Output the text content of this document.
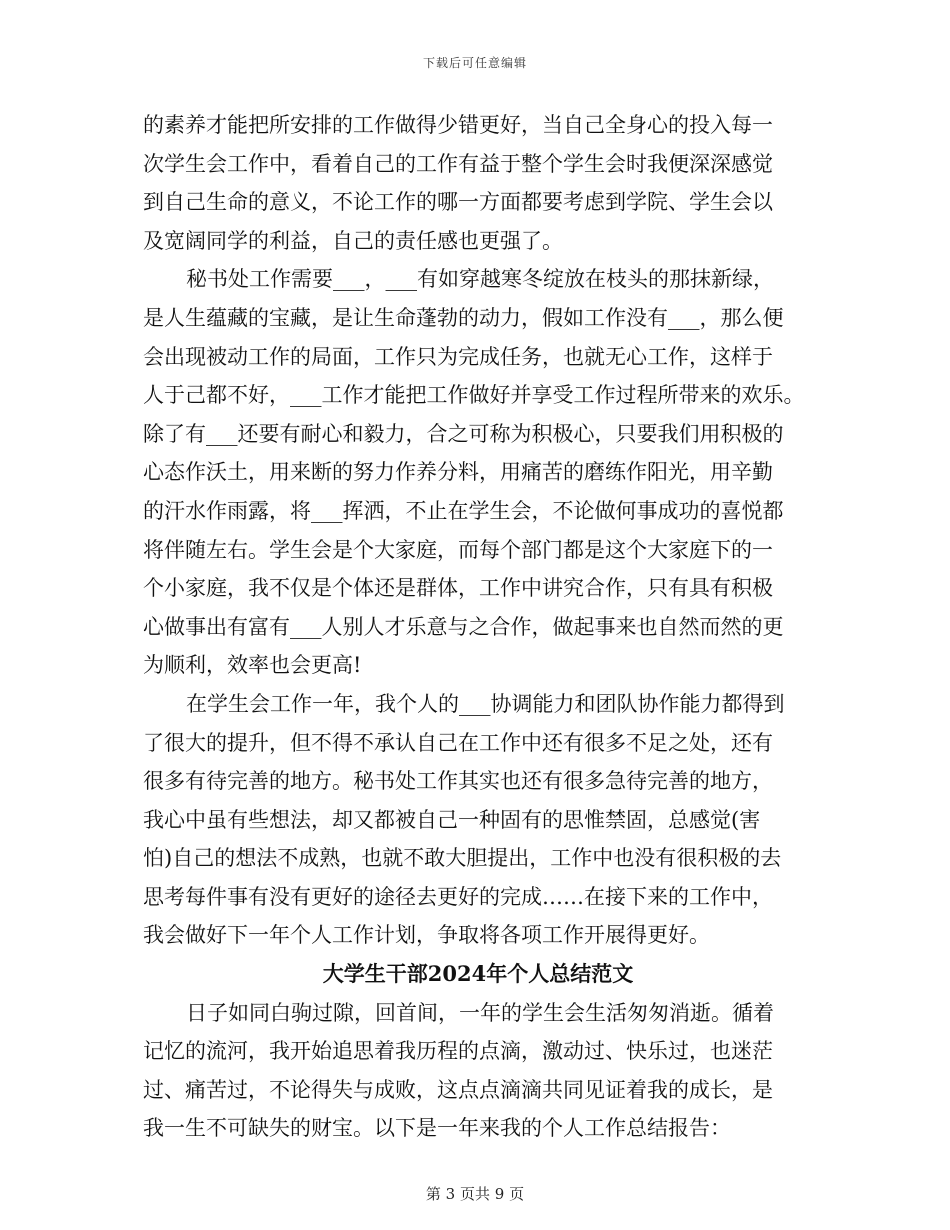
下载后可任意编辑
的素养才能把所安排的工作做得少错更好，当自己全身心的投入每一
次学生会工作中，看着自己的工作有益于整个学生会时我便深深感觉
到自己生命的意义，不论工作的哪一方面都要考虑到学院、学生会以
及宽阔同学的利益，自己的责任感也更强了。
秘书处工作需要___，___有如穿越寒冬绽放在枝头的那抹新绿，
是人生蕴藏的宝藏，是让生命蓬勃的动力，假如工作没有___，那么便
会出现被动工作的局面，工作只为完成任务，也就无心工作，这样于
人于己都不好，___工作才能把工作做好并享受工作过程所带来的欢乐。
除了有___还要有耐心和毅力，合之可称为积极心，只要我们用积极的
心态作沃土，用来断的努力作养分料，用痛苦的磨练作阳光，用辛勤
的汗水作雨露，将___挥洒，不止在学生会，不论做何事成功的喜悦都
将伴随左右。学生会是个大家庭，而每个部门都是这个大家庭下的一
个小家庭，我不仅是个体还是群体，工作中讲究合作，只有具有积极
心做事出有富有___人别人才乐意与之合作，做起事来也自然而然的更
为顺利，效率也会更高!
在学生会工作一年，我个人的___协调能力和团队协作能力都得到
了很大的提升，但不得不承认自己在工作中还有很多不足之处，还有
很多有待完善的地方。秘书处工作其实也还有很多急待完善的地方，
我心中虽有些想法，却又都被自己一种固有的思惟禁固，总感觉(害
怕)自己的想法不成熟，也就不敢大胆提出，工作中也没有很积极的去
思考每件事有没有更好的途径去更好的完成……在接下来的工作中，
我会做好下一年个人工作计划，争取将各项工作开展得更好。
大学生干部2024年个人总结范文
日子如同白驹过隙，回首间，一年的学生会生活匆匆消逝。循着
记忆的流河，我开始追思着我历程的点滴，激动过、快乐过，也迷茫
过、痛苦过，不论得失与成败，这点点滴滴共同见证着我的成长，是
我一生不可缺失的财宝。以下是一年来我的个人工作总结报告：
第 3 页共 9 页
